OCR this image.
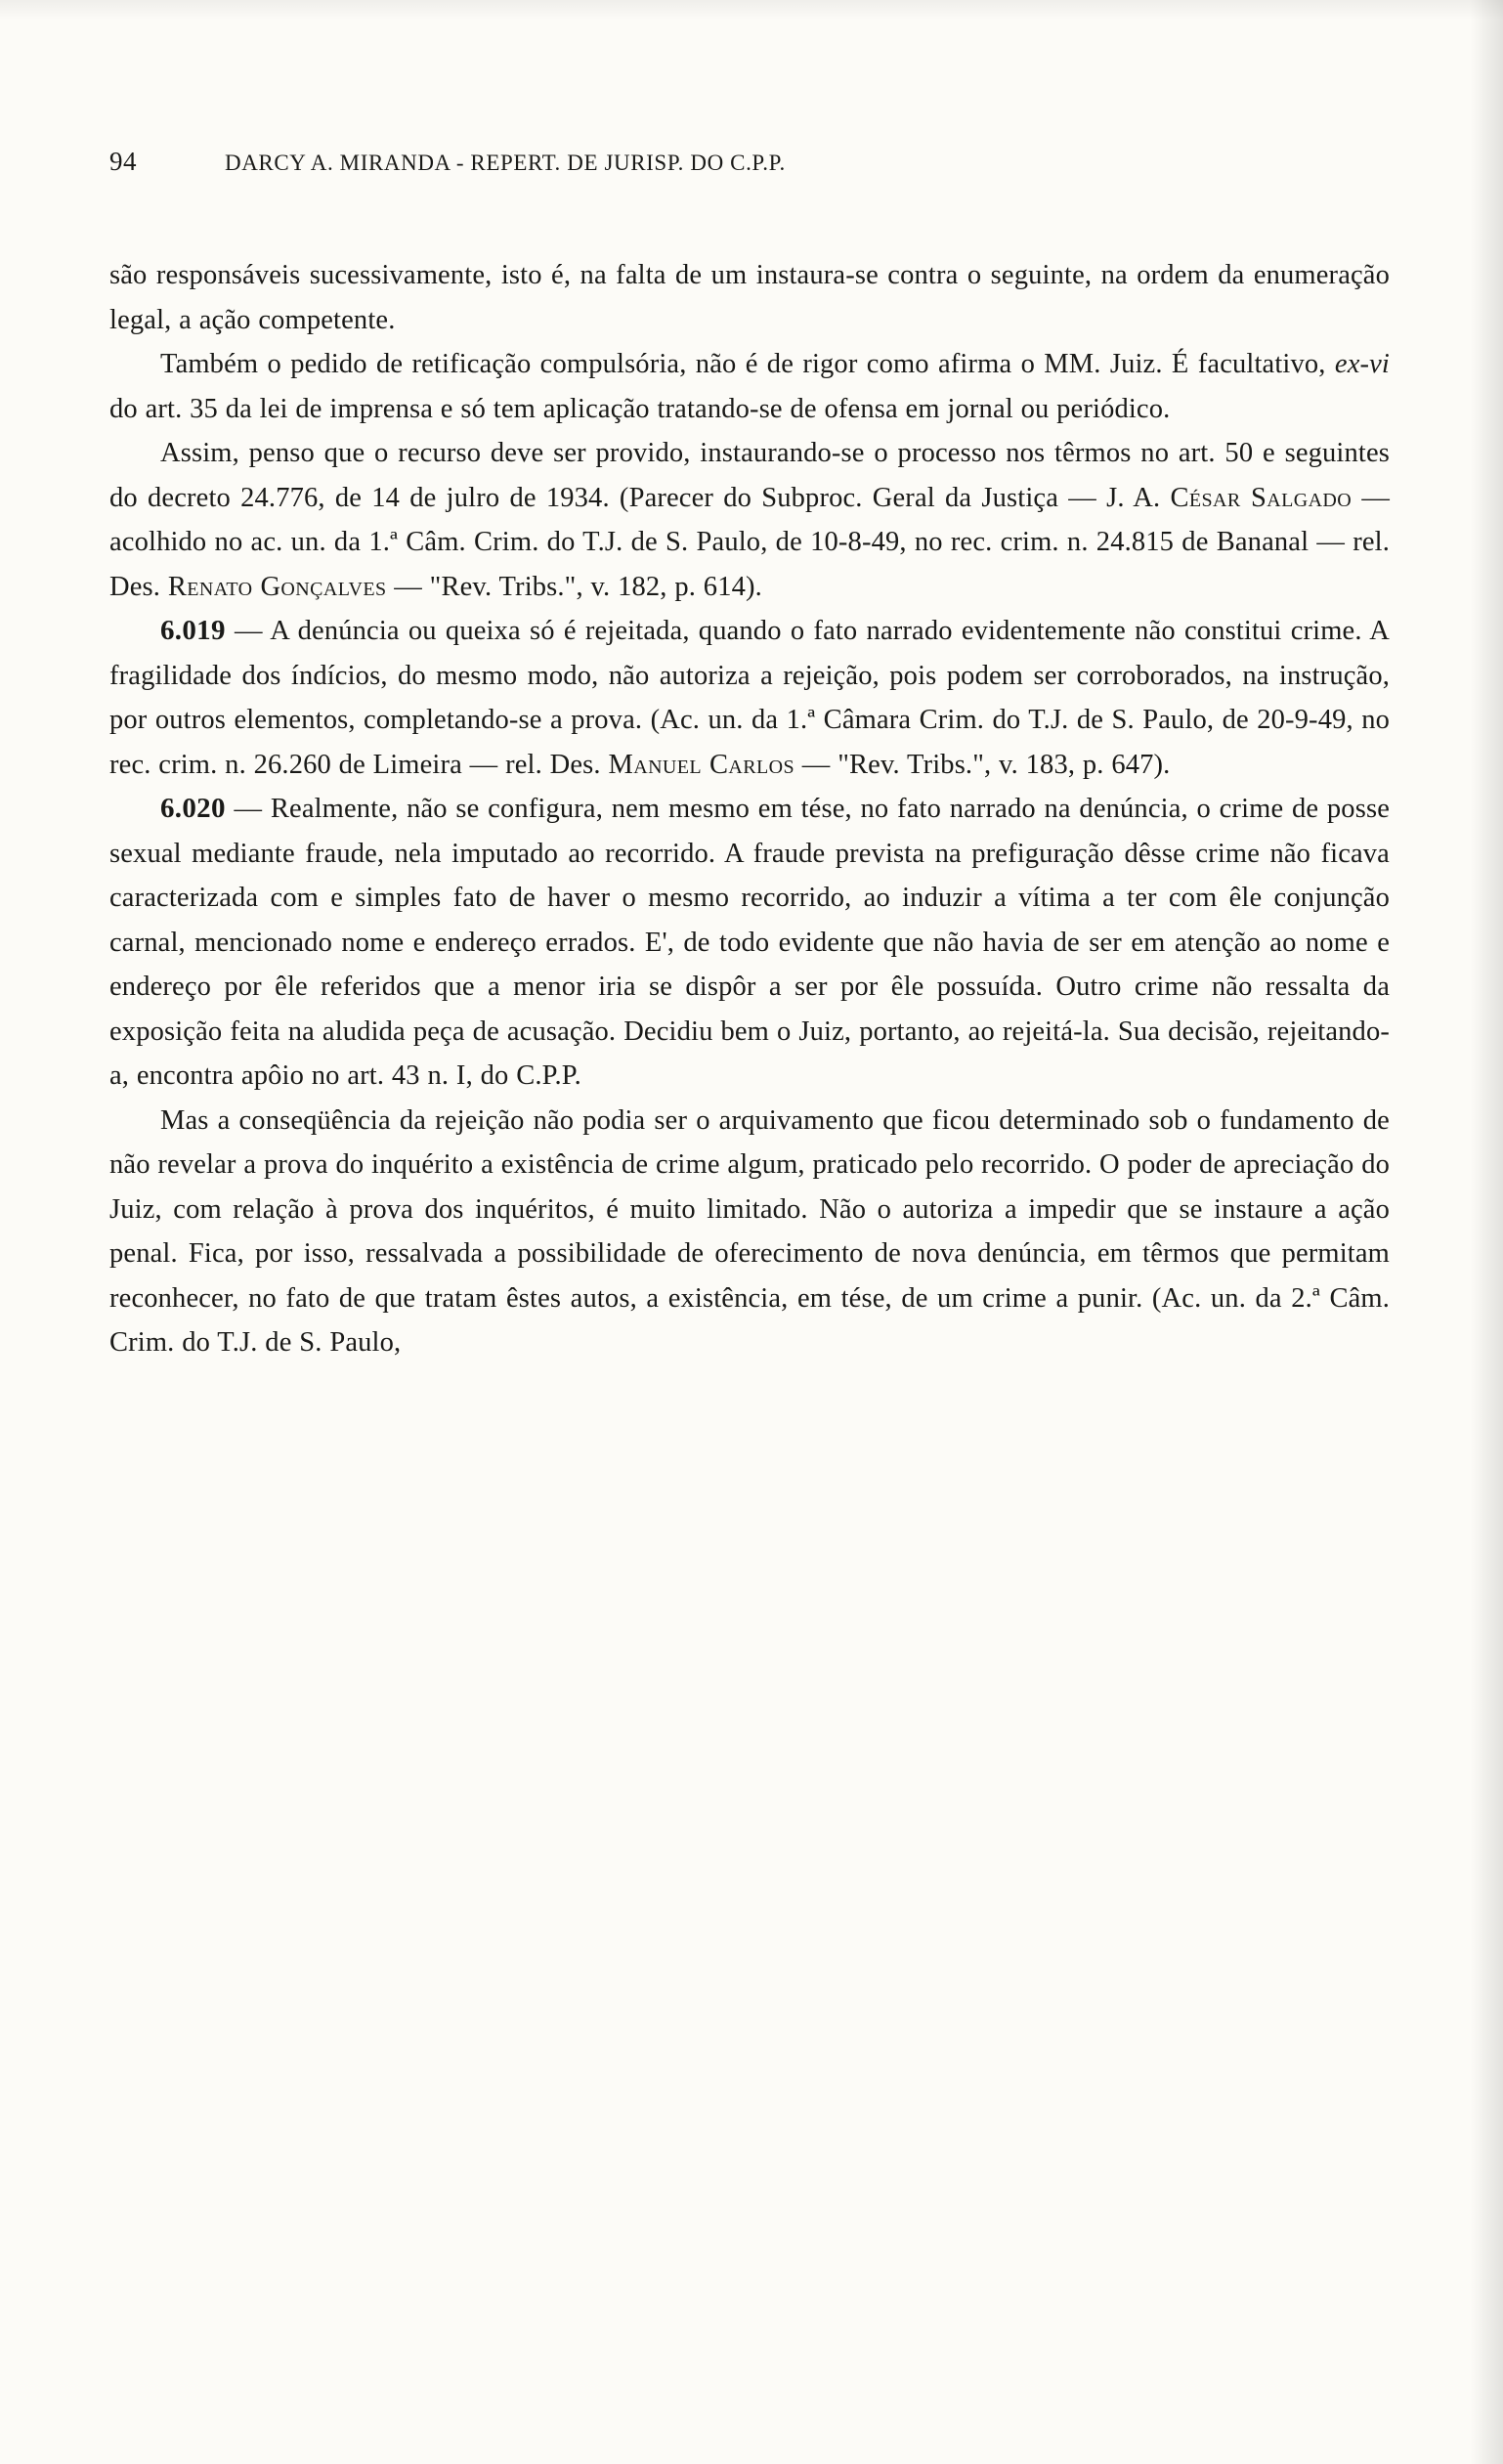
94	DARCY A. MIRANDA - REPERT. DE JURISP. DO C.P.P.

são responsáveis sucessivamente, isto é, na falta de um instaura-se contra o seguinte, na ordem da enumeração legal, a ação competente.

Também o pedido de retificação compulsória, não é de rigor como afirma o MM. Juiz. É facultativo, ex-vi do art. 35 da lei de imprensa e só tem aplicação tratando-se de ofensa em jornal ou periódico.

Assim, penso que o recurso deve ser provido, instaurando-se o processo nos têrmos no art. 50 e seguintes do decreto 24.776, de 14 de julro de 1934. (Parecer do Subproc. Geral da Justiça — J. A. César Salgado — acolhido no ac. un. da 1.ª Câm. Crim. do T.J. de S. Paulo, de 10-8-49, no rec. crim. n. 24.815 de Bananal — rel. Des. Renato Gonçalves — "Rev. Tribs.", v. 182, p. 614).

6.019 — A denúncia ou queixa só é rejeitada, quando o fato narrado evidentemente não constitui crime. A fragilidade dos índícios, do mesmo modo, não autoriza a rejeição, pois podem ser corroborados, na instrução, por outros elementos, completando-se a prova. (Ac. un. da 1.ª Câmara Crim. do T.J. de S. Paulo, de 20-9-49, no rec. crim. n. 26.260 de Limeira — rel. Des. Manuel Carlos — "Rev. Tribs.", v. 183, p. 647).

6.020 — Realmente, não se configura, nem mesmo em tése, no fato narrado na denúncia, o crime de posse sexual mediante fraude, nela imputado ao recorrido. A fraude prevista na prefiguração dêsse crime não ficava caracterizada com e simples fato de haver o mesmo recorrido, ao induzir a vítima a ter com êle conjunção carnal, mencionado nome e endereço errados. E', de todo evidente que não havia de ser em atenção ao nome e endereço por êle referidos que a menor iria se dispôr a ser por êle possuída. Outro crime não ressalta da exposição feita na aludida peça de acusação. Decidiu bem o Juiz, portanto, ao rejeitá-la. Sua decisão, rejeitando-a, encontra apôio no art. 43 n. I, do C.P.P.

Mas a conseqüência da rejeição não podia ser o arquivamento que ficou determinado sob o fundamento de não revelar a prova do inquérito a existência de crime algum, praticado pelo recorrido. O poder de apreciação do Juiz, com relação à prova dos inquéritos, é muito limitado. Não o autoriza a impedir que se instaure a ação penal. Fica, por isso, ressalvada a possibilidade de oferecimento de nova denúncia, em têrmos que permitam reconhecer, no fato de que tratam êstes autos, a existência, em tése, de um crime a punir. (Ac. un. da 2.ª Câm. Crim. do T.J. de S. Paulo,
